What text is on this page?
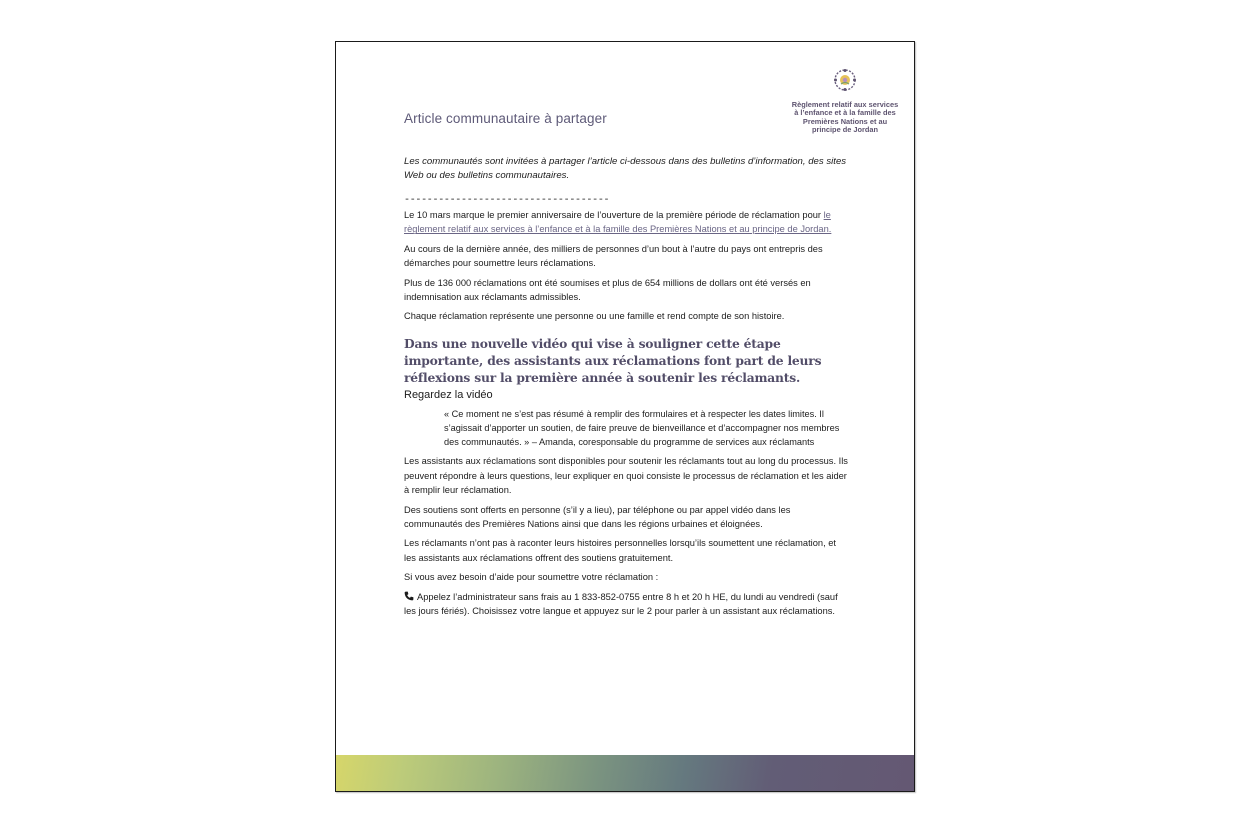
Règlement relatif aux services à l’enfance et à la famille des Premières Nations et au principe de Jordan
Article communautaire à partager

Les communautés sont invitées à partager l’article ci-dessous dans des bulletins d’information, des sites Web ou des bulletins communautaires.

------------------------------------

Le 10 mars marque le premier anniversaire de l’ouverture de la première période de réclamation pour le règlement relatif aux services à l’enfance et à la famille des Premières Nations et au principe de Jordan.

Au cours de la dernière année, des milliers de personnes d’un bout à l’autre du pays ont entrepris des démarches pour soumettre leurs réclamations.

Plus de 136 000 réclamations ont été soumises et plus de 654 millions de dollars ont été versés en indemnisation aux réclamants admissibles.

Chaque réclamation représente une personne ou une famille et rend compte de son histoire.

Dans une nouvelle vidéo qui vise à souligner cette étape importante, des assistants aux réclamations font part de leurs réflexions sur la première année à soutenir les réclamants.
Regardez la vidéo

« Ce moment ne s’est pas résumé à remplir des formulaires et à respecter les dates limites. Il s’agissait d’apporter un soutien, de faire preuve de bienveillance et d’accompagner nos membres des communautés. » – Amanda, coresponsable du programme de services aux réclamants

Les assistants aux réclamations sont disponibles pour soutenir les réclamants tout au long du processus. Ils peuvent répondre à leurs questions, leur expliquer en quoi consiste le processus de réclamation et les aider à remplir leur réclamation.

Des soutiens sont offerts en personne (s’il y a lieu), par téléphone ou par appel vidéo dans les communautés des Premières Nations ainsi que dans les régions urbaines et éloignées.

Les réclamants n’ont pas à raconter leurs histoires personnelles lorsqu’ils soumettent une réclamation, et les assistants aux réclamations offrent des soutiens gratuitement.

Si vous avez besoin d’aide pour soumettre votre réclamation :

Appelez l’administrateur sans frais au 1 833-852-0755 entre 8 h et 20 h HE, du lundi au vendredi (sauf les jours fériés). Choisissez votre langue et appuyez sur le 2 pour parler à un assistant aux réclamations.
